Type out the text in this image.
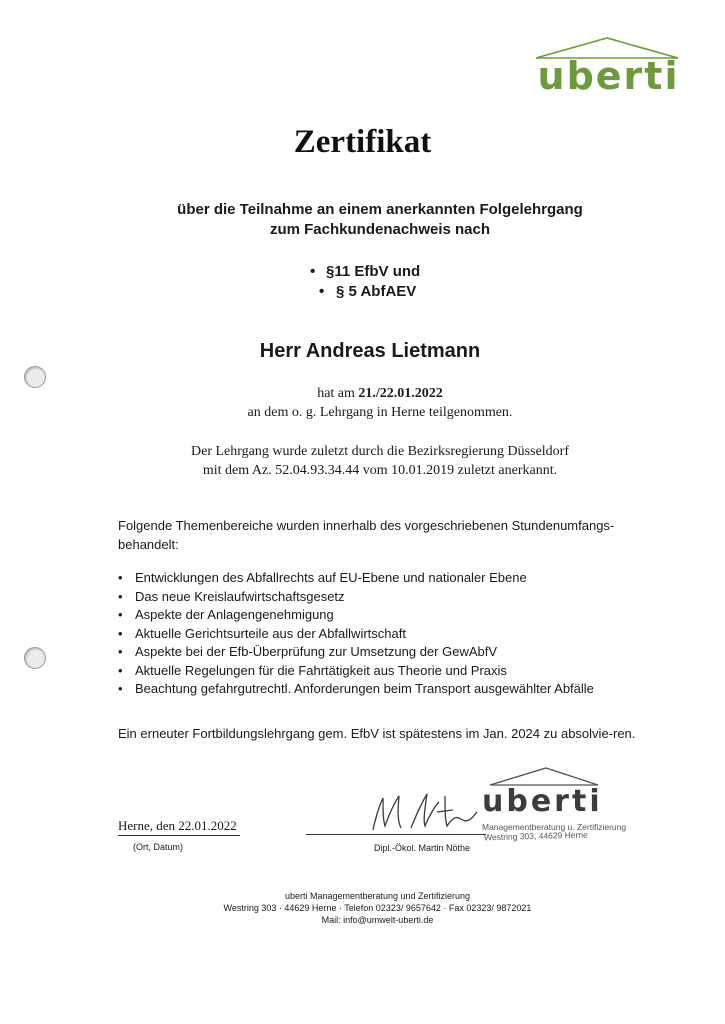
uberti
Zertifikat
über die Teilnahme an einem anerkannten Folgelehrgang
zum Fachkundenachweis nach
• §11 EfbV und
• § 5 AbfAEV
Herr Andreas Lietmann
hat am 21./22.01.2022
an dem o. g. Lehrgang in Herne teilgenommen.
Der Lehrgang wurde zuletzt durch die Bezirksregierung Düsseldorf
mit dem Az. 52.04.93.34.44 vom 10.01.2019 zuletzt anerkannt.
Folgende Themenbereiche wurden innerhalb des vorgeschriebenen Stundenumfangs-behandelt:
• Entwicklungen des Abfallrechts auf EU-Ebene und nationaler Ebene
• Das neue Kreislaufwirtschaftsgesetz
• Aspekte der Anlagengenehmigung
• Aktuelle Gerichtsurteile aus der Abfallwirtschaft
• Aspekte bei der Efb-Überprüfung zur Umsetzung der GewAbfV
• Aktuelle Regelungen für die Fahrtätigkeit aus Theorie und Praxis
• Beachtung gefahrgutrechtl. Anforderungen beim Transport ausgewählter Abfälle
Ein erneuter Fortbildungslehrgang gem. EfbV ist spätestens im Jan. 2024 zu absolvie-ren.
Herne, den 22.01.2022
(Ort, Datum)	Dipl.-Ökol. Martin Nöthe
uberti
Managementberatung u. Zertifizierung
Westring 303, 44629 Herne
uberti Managementberatung und Zertifizierung
Westring 303 · 44629 Herne · Telefon 02323/ 9657642 · Fax 02323/ 9872021
Mail: info@umwelt-uberti.de
